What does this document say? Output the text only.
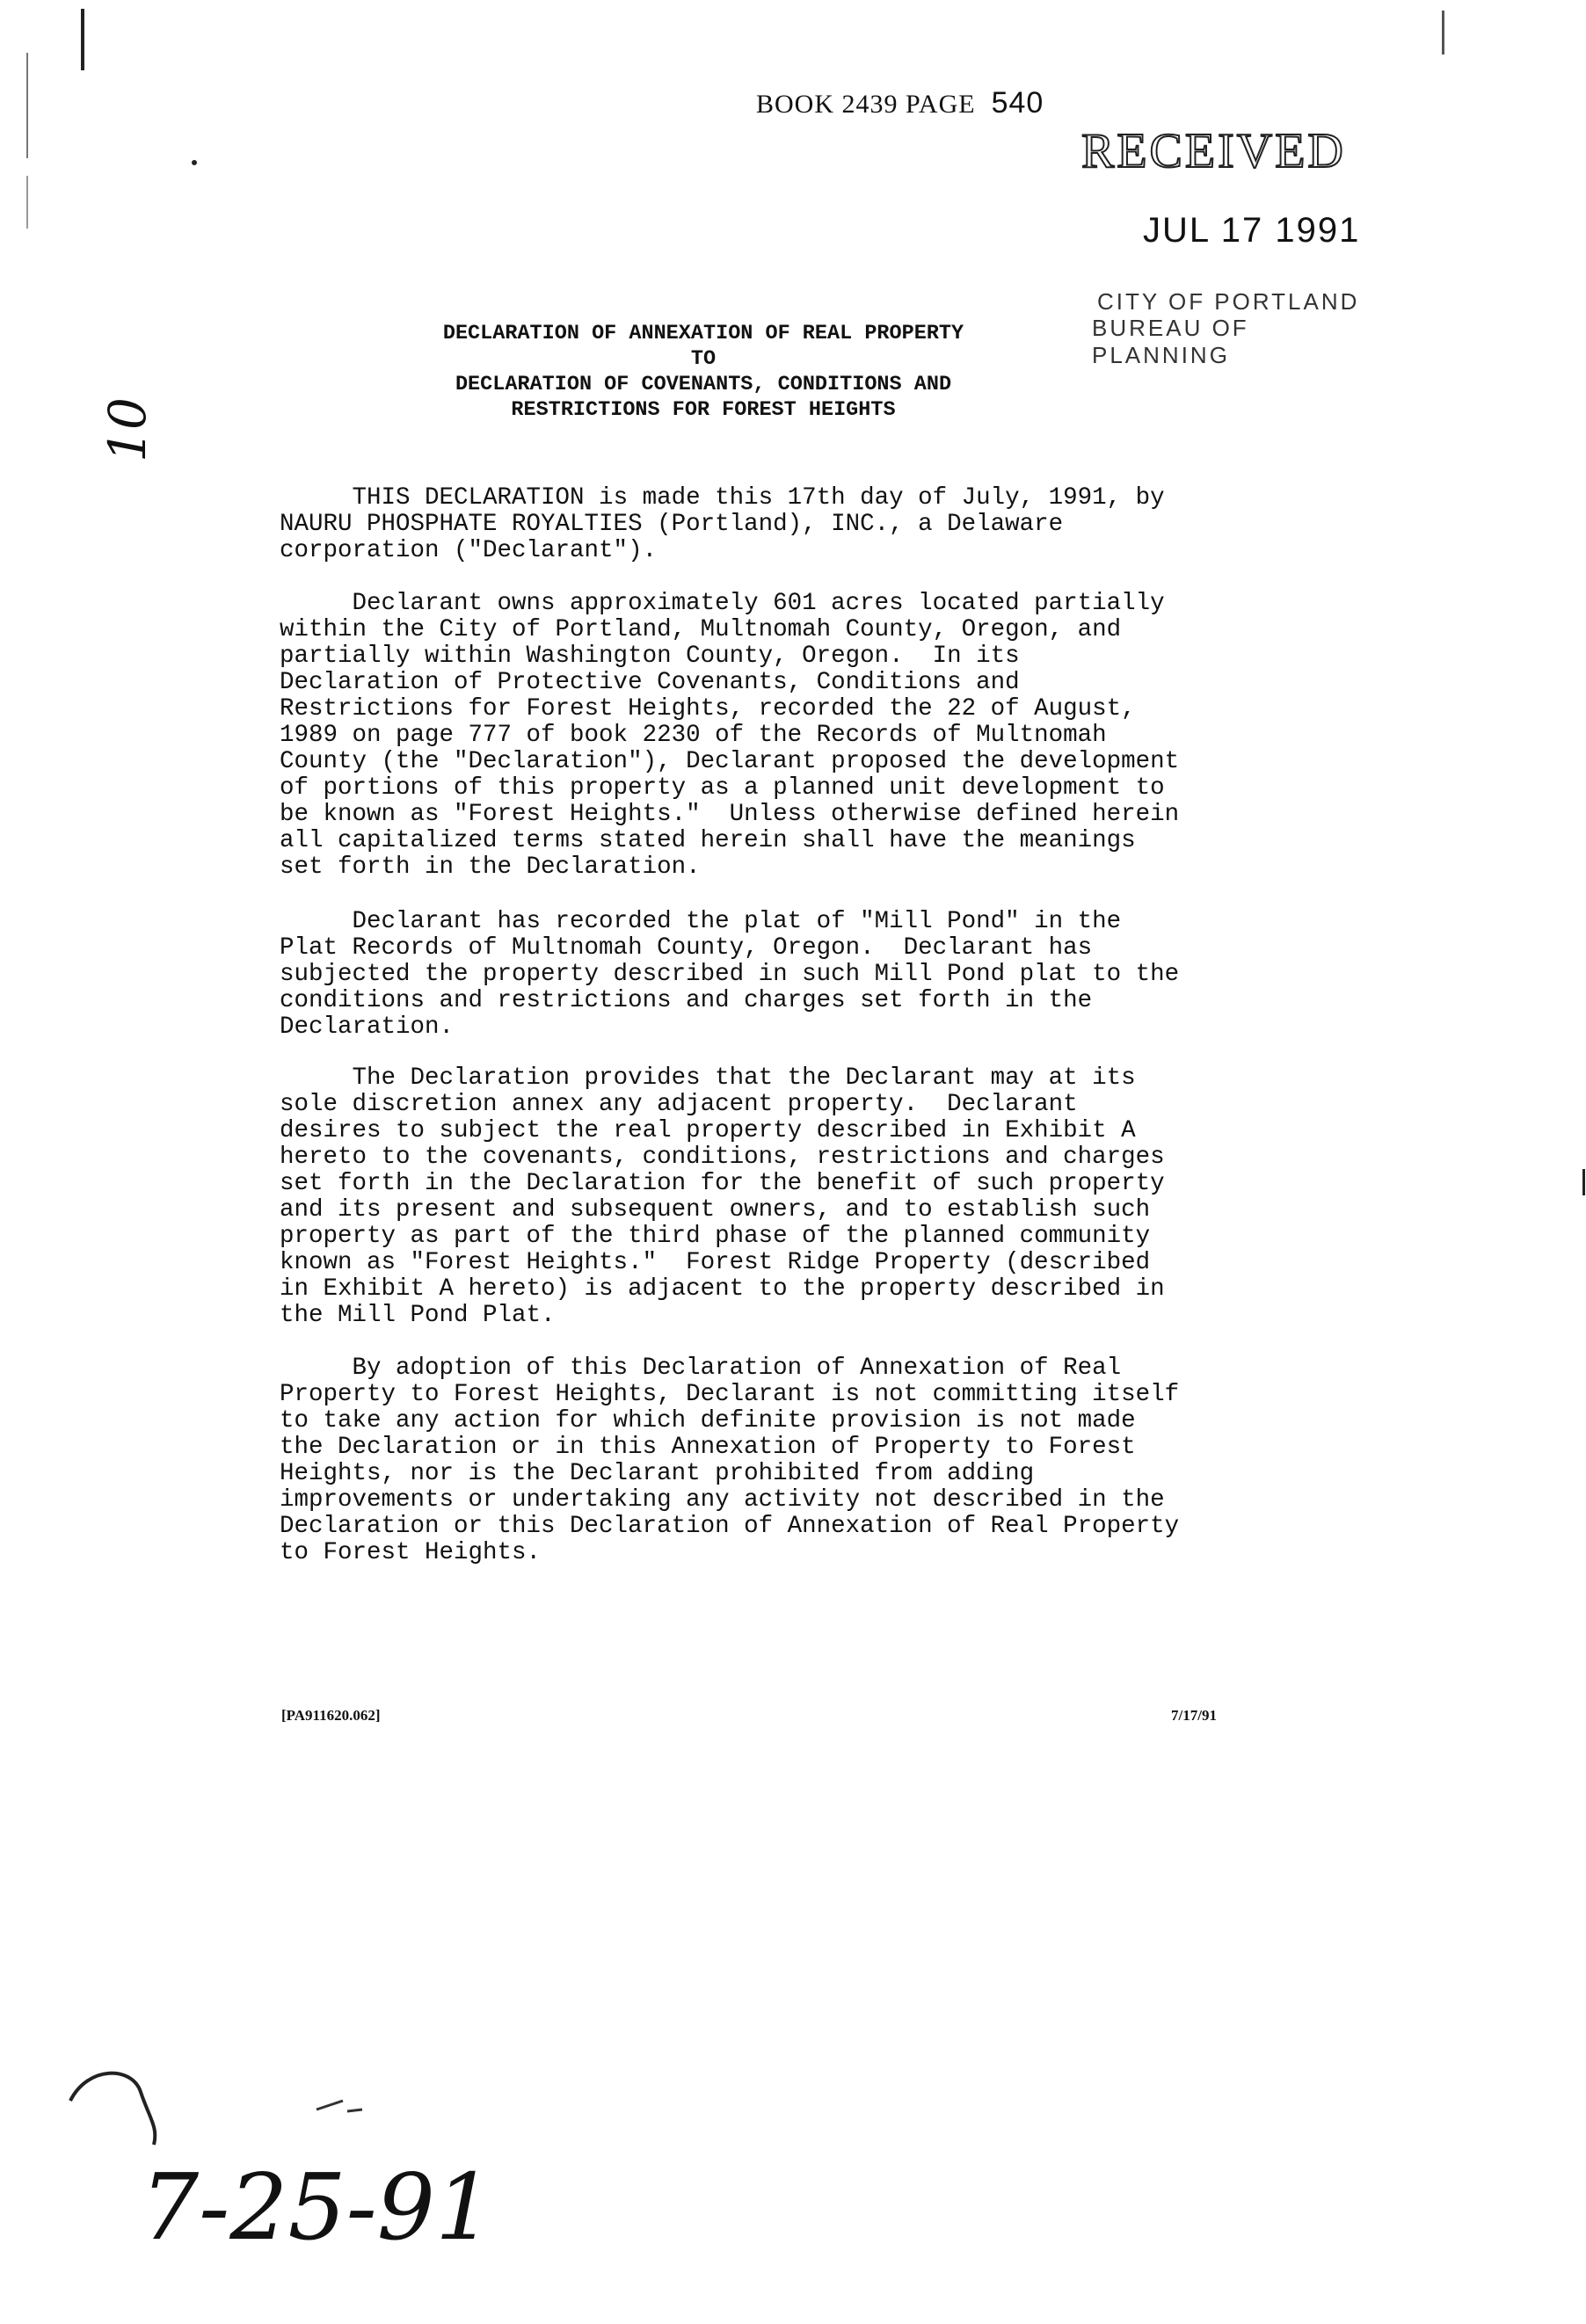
BOOK 2439 PAGE 540
RECEIVED
JUL 17 1991
CITY OF PORTLAND
BUREAU OF PLANNING
DECLARATION OF ANNEXATION OF REAL PROPERTY
TO
DECLARATION OF COVENANTS, CONDITIONS AND
RESTRICTIONS FOR FOREST HEIGHTS
10

THIS DECLARATION is made this 17th day of July, 1991, by
NAURU PHOSPHATE ROYALTIES (Portland), INC., a Delaware
corporation ("Declarant").

Declarant owns approximately 601 acres located partially
within the City of Portland, Multnomah County, Oregon, and
partially within Washington County, Oregon.  In its
Declaration of Protective Covenants, Conditions and
Restrictions for Forest Heights, recorded the 22 of August,
1989 on page 777 of book 2230 of the Records of Multnomah
County (the "Declaration"), Declarant proposed the development
of portions of this property as a planned unit development to
be known as "Forest Heights."  Unless otherwise defined herein
all capitalized terms stated herein shall have the meanings
set forth in the Declaration.

Declarant has recorded the plat of "Mill Pond" in the
Plat Records of Multnomah County, Oregon.  Declarant has
subjected the property described in such Mill Pond plat to the
conditions and restrictions and charges set forth in the
Declaration.

The Declaration provides that the Declarant may at its
sole discretion annex any adjacent property.  Declarant
desires to subject the real property described in Exhibit A
hereto to the covenants, conditions, restrictions and charges
set forth in the Declaration for the benefit of such property
and its present and subsequent owners, and to establish such
property as part of the third phase of the planned community
known as "Forest Heights."  Forest Ridge Property (described
in Exhibit A hereto) is adjacent to the property described in
the Mill Pond Plat.

By adoption of this Declaration of Annexation of Real
Property to Forest Heights, Declarant is not committing itself
to take any action for which definite provision is not made
the Declaration or in this Annexation of Property to Forest
Heights, nor is the Declarant prohibited from adding
improvements or undertaking any activity not described in the
Declaration or this Declaration of Annexation of Real Property
to Forest Heights.

[PA911620.062]	7/17/91
7-25-91
